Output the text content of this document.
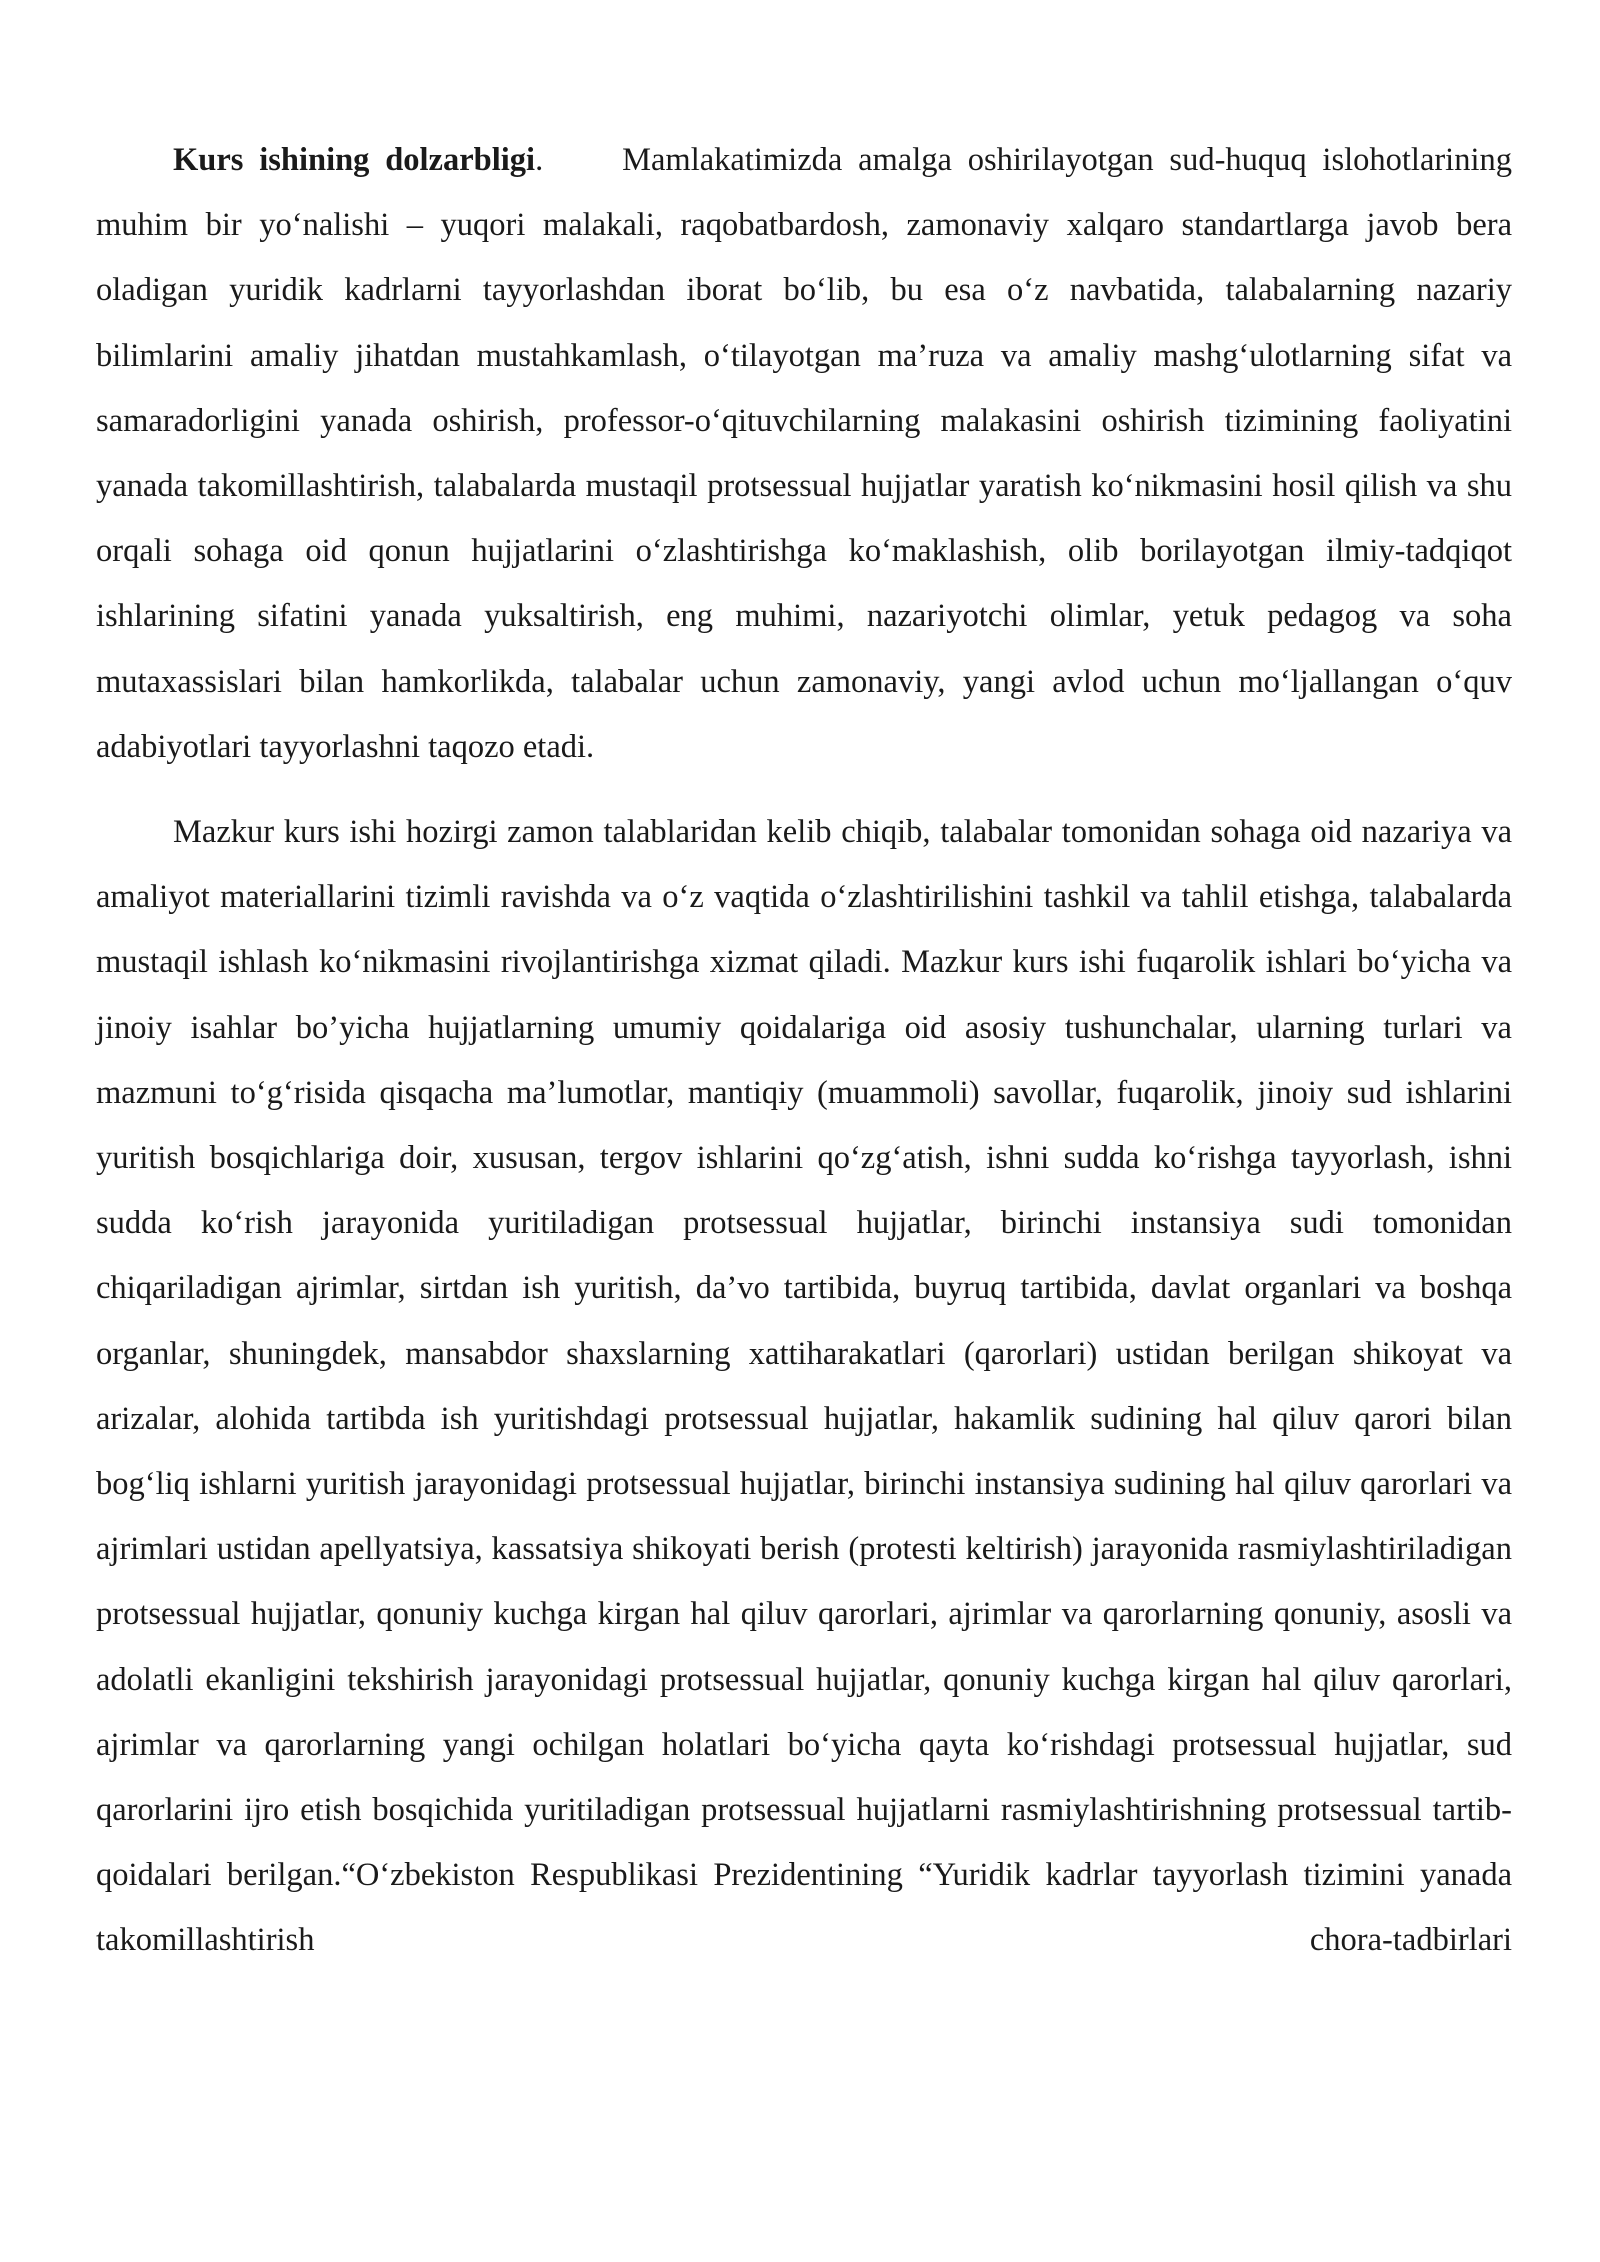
Kurs ishining dolzarbligi. Mamlakatimizda amalga oshirilayotgan sud-huquq islohotlarining muhim bir yo‘nalishi – yuqori malakali, raqobatbardosh, zamonaviy xalqaro standartlarga javob bera oladigan yuridik kadrlarni tayyorlashdan iborat bo‘lib, bu esa o‘z navbatida, talabalarning nazariy bilimlarini amaliy jihatdan mustahkamlash, o‘tilayotgan ma’ruza va amaliy mashg‘ulotlarning sifat va samaradorligini yanada oshirish, professor-o‘qituvchilarning malakasini oshirish tizimining faoliyatini yanada takomillashtirish, talabalarda mustaqil protsessual hujjatlar yaratish ko‘nikmasini hosil qilish va shu orqali sohaga oid qonun hujjatlarini o‘zlashtirishga ko‘maklashish, olib borilayotgan ilmiy-tadqiqot ishlarining sifatini yanada yuksaltirish, eng muhimi, nazariyotchi olimlar, yetuk pedagog va soha mutaxassislari bilan hamkorlikda, talabalar uchun zamonaviy, yangi avlod uchun mo‘ljallangan o‘quv adabiyotlari tayyorlashni taqozo etadi.

Mazkur kurs ishi hozirgi zamon talablaridan kelib chiqib, talabalar tomonidan sohaga oid nazariya va amaliyot materiallarini tizimli ravishda va o‘z vaqtida o‘zlashtirilishini tashkil va tahlil etishga, talabalarda mustaqil ishlash ko‘nikmasini rivojlantirishga xizmat qiladi. Mazkur kurs ishi fuqarolik ishlari bo‘yicha va jinoiy isahlar bo’yicha hujjatlarning umumiy qoidalariga oid asosiy tushunchalar, ularning turlari va mazmuni to‘g‘risida qisqacha ma’lumotlar, mantiqiy (muammoli) savollar, fuqarolik, jinoiy sud ishlarini yuritish bosqichlariga doir, xususan, tergov ishlarini qo‘zg‘atish, ishni sudda ko‘rishga tayyorlash, ishni sudda ko‘rish jarayonida yuritiladigan protsessual hujjatlar, birinchi instansiya sudi tomonidan chiqariladigan ajrimlar, sirtdan ish yuritish, da’vo tartibida, buyruq tartibida, davlat organlari va boshqa organlar, shuningdek, mansabdor shaxslarning xattiharakatlari (qarorlari) ustidan berilgan shikoyat va arizalar, alohida tartibda ish yuritishdagi protsessual hujjatlar, hakamlik sudining hal qiluv qarori bilan bog‘liq ishlarni yuritish jarayonidagi protsessual hujjatlar, birinchi instansiya sudining hal qiluv qarorlari va ajrimlari ustidan apellyatsiya, kassatsiya shikoyati berish (protesti keltirish) jarayonida rasmiylashtiriladigan protsessual hujjatlar, qonuniy kuchga kirgan hal qiluv qarorlari, ajrimlar va qarorlarning qonuniy, asosli va adolatli ekanligini tekshirish jarayonidagi protsessual hujjatlar, qonuniy kuchga kirgan hal qiluv qarorlari, ajrimlar va qarorlarning yangi ochilgan holatlari bo‘yicha qayta ko‘rishdagi protsessual hujjatlar, sud qarorlarini ijro etish bosqichida yuritiladigan protsessual hujjatlarni rasmiylashtirishning protsessual tartib-qoidalari berilgan.“O‘zbekiston Respublikasi Prezidentining “Yuridik kadrlar tayyorlash tizimini yanada takomillashtirish chora-tadbirlari
